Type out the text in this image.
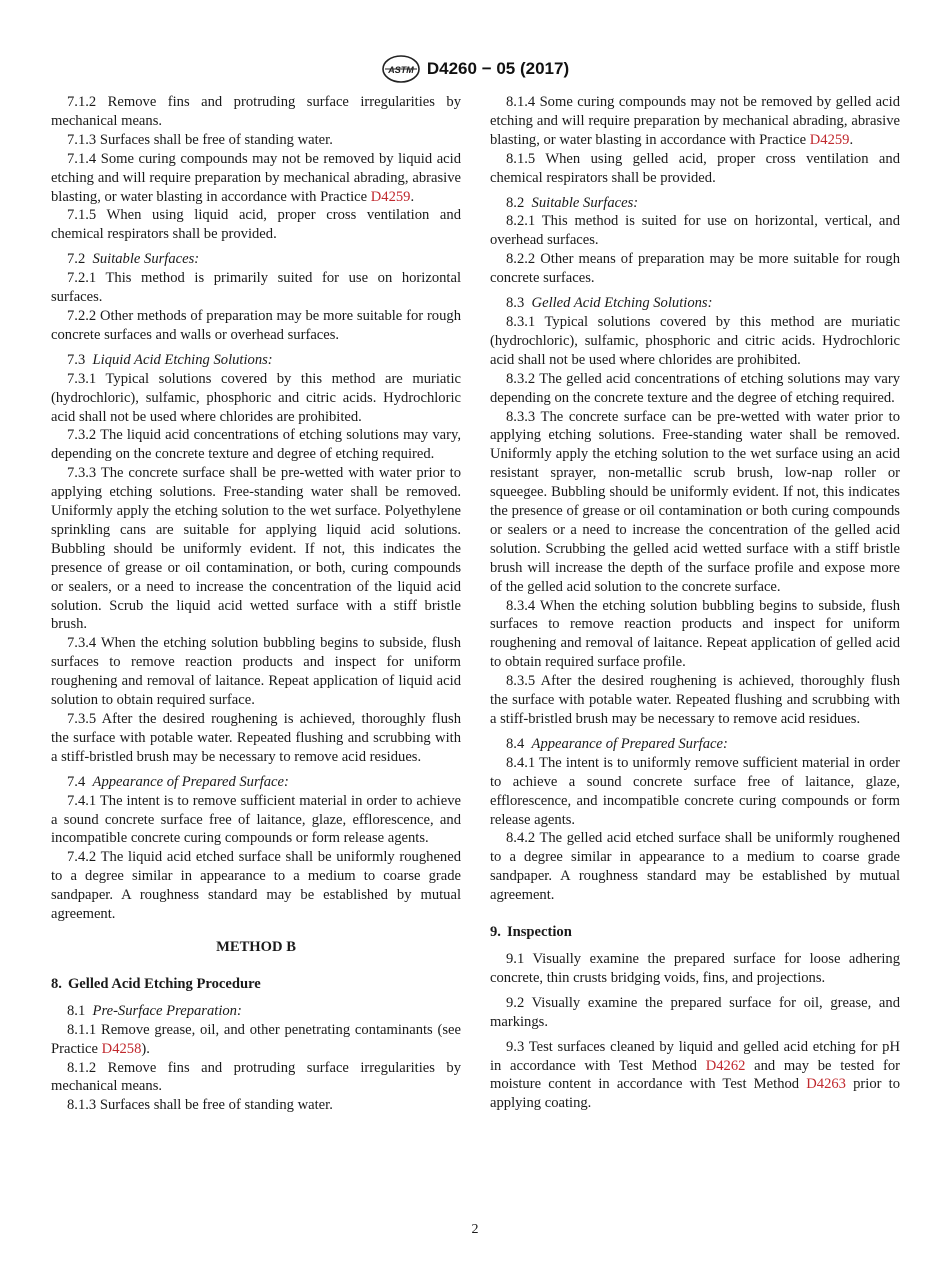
ASTM D4260 − 05 (2017)

7.1.2 Remove fins and protruding surface irregularities by mechanical means.

7.1.3 Surfaces shall be free of standing water.

7.1.4 Some curing compounds may not be removed by liquid acid etching and will require preparation by mechanical abrading, abrasive blasting, or water blasting in accordance with Practice D4259.

7.1.5 When using liquid acid, proper cross ventilation and chemical respirators shall be provided.

7.2 Suitable Surfaces:

7.2.1 This method is primarily suited for use on horizontal surfaces.

7.2.2 Other methods of preparation may be more suitable for rough concrete surfaces and walls or overhead surfaces.

7.3 Liquid Acid Etching Solutions:

7.3.1 Typical solutions covered by this method are muriatic (hydrochloric), sulfamic, phosphoric and citric acids. Hydrochloric acid shall not be used where chlorides are prohibited.

7.3.2 The liquid acid concentrations of etching solutions may vary, depending on the concrete texture and degree of etching required.

7.3.3 The concrete surface shall be pre-wetted with water prior to applying etching solutions. Free-standing water shall be removed. Uniformly apply the etching solution to the wet surface. Polyethylene sprinkling cans are suitable for applying liquid acid solutions. Bubbling should be uniformly evident. If not, this indicates the presence of grease or oil contamination, or both, curing compounds or sealers, or a need to increase the concentration of the liquid acid solution. Scrub the liquid acid wetted surface with a stiff bristle brush.

7.3.4 When the etching solution bubbling begins to subside, flush surfaces to remove reaction products and inspect for uniform roughening and removal of laitance. Repeat application of liquid acid solution to obtain required surface.

7.3.5 After the desired roughening is achieved, thoroughly flush the surface with potable water. Repeated flushing and scrubbing with a stiff-bristled brush may be necessary to remove acid residues.

7.4 Appearance of Prepared Surface:

7.4.1 The intent is to remove sufficient material in order to achieve a sound concrete surface free of laitance, glaze, efflorescence, and incompatible concrete curing compounds or form release agents.

7.4.2 The liquid acid etched surface shall be uniformly roughened to a degree similar in appearance to a medium to coarse grade sandpaper. A roughness standard may be established by mutual agreement.

METHOD B
8. Gelled Acid Etching Procedure

8.1 Pre-Surface Preparation:

8.1.1 Remove grease, oil, and other penetrating contaminants (see Practice D4258).

8.1.2 Remove fins and protruding surface irregularities by mechanical means.

8.1.3 Surfaces shall be free of standing water.

8.1.4 Some curing compounds may not be removed by gelled acid etching and will require preparation by mechanical abrading, abrasive blasting, or water blasting in accordance with Practice D4259.

8.1.5 When using gelled acid, proper cross ventilation and chemical respirators shall be provided.

8.2 Suitable Surfaces:

8.2.1 This method is suited for use on horizontal, vertical, and overhead surfaces.

8.2.2 Other means of preparation may be more suitable for rough concrete surfaces.

8.3 Gelled Acid Etching Solutions:

8.3.1 Typical solutions covered by this method are muriatic (hydrochloric), sulfamic, phosphoric and citric acids. Hydrochloric acid shall not be used where chlorides are prohibited.

8.3.2 The gelled acid concentrations of etching solutions may vary depending on the concrete texture and the degree of etching required.

8.3.3 The concrete surface can be pre-wetted with water prior to applying etching solutions. Free-standing water shall be removed. Uniformly apply the etching solution to the wet surface using an acid resistant sprayer, non-metallic scrub brush, low-nap roller or squeegee. Bubbling should be uniformly evident. If not, this indicates the presence of grease or oil contamination or both curing compounds or sealers or a need to increase the concentration of the gelled acid solution. Scrubbing the gelled acid wetted surface with a stiff bristle brush will increase the depth of the surface profile and expose more of the gelled acid solution to the concrete surface.

8.3.4 When the etching solution bubbling begins to subside, flush surfaces to remove reaction products and inspect for uniform roughening and removal of laitance. Repeat application of gelled acid to obtain required surface profile.

8.3.5 After the desired roughening is achieved, thoroughly flush the surface with potable water. Repeated flushing and scrubbing with a stiff-bristled brush may be necessary to remove acid residues.

8.4 Appearance of Prepared Surface:

8.4.1 The intent is to uniformly remove sufficient material in order to achieve a sound concrete surface free of laitance, glaze, efflorescence, and incompatible concrete curing compounds or form release agents.

8.4.2 The gelled acid etched surface shall be uniformly roughened to a degree similar in appearance to a medium to coarse grade sandpaper. A roughness standard may be established by mutual agreement.

9. Inspection

9.1 Visually examine the prepared surface for loose adhering concrete, thin crusts bridging voids, fins, and projections.

9.2 Visually examine the prepared surface for oil, grease, and markings.

9.3 Test surfaces cleaned by liquid and gelled acid etching for pH in accordance with Test Method D4262 and may be tested for moisture content in accordance with Test Method D4263 prior to applying coating.

2
